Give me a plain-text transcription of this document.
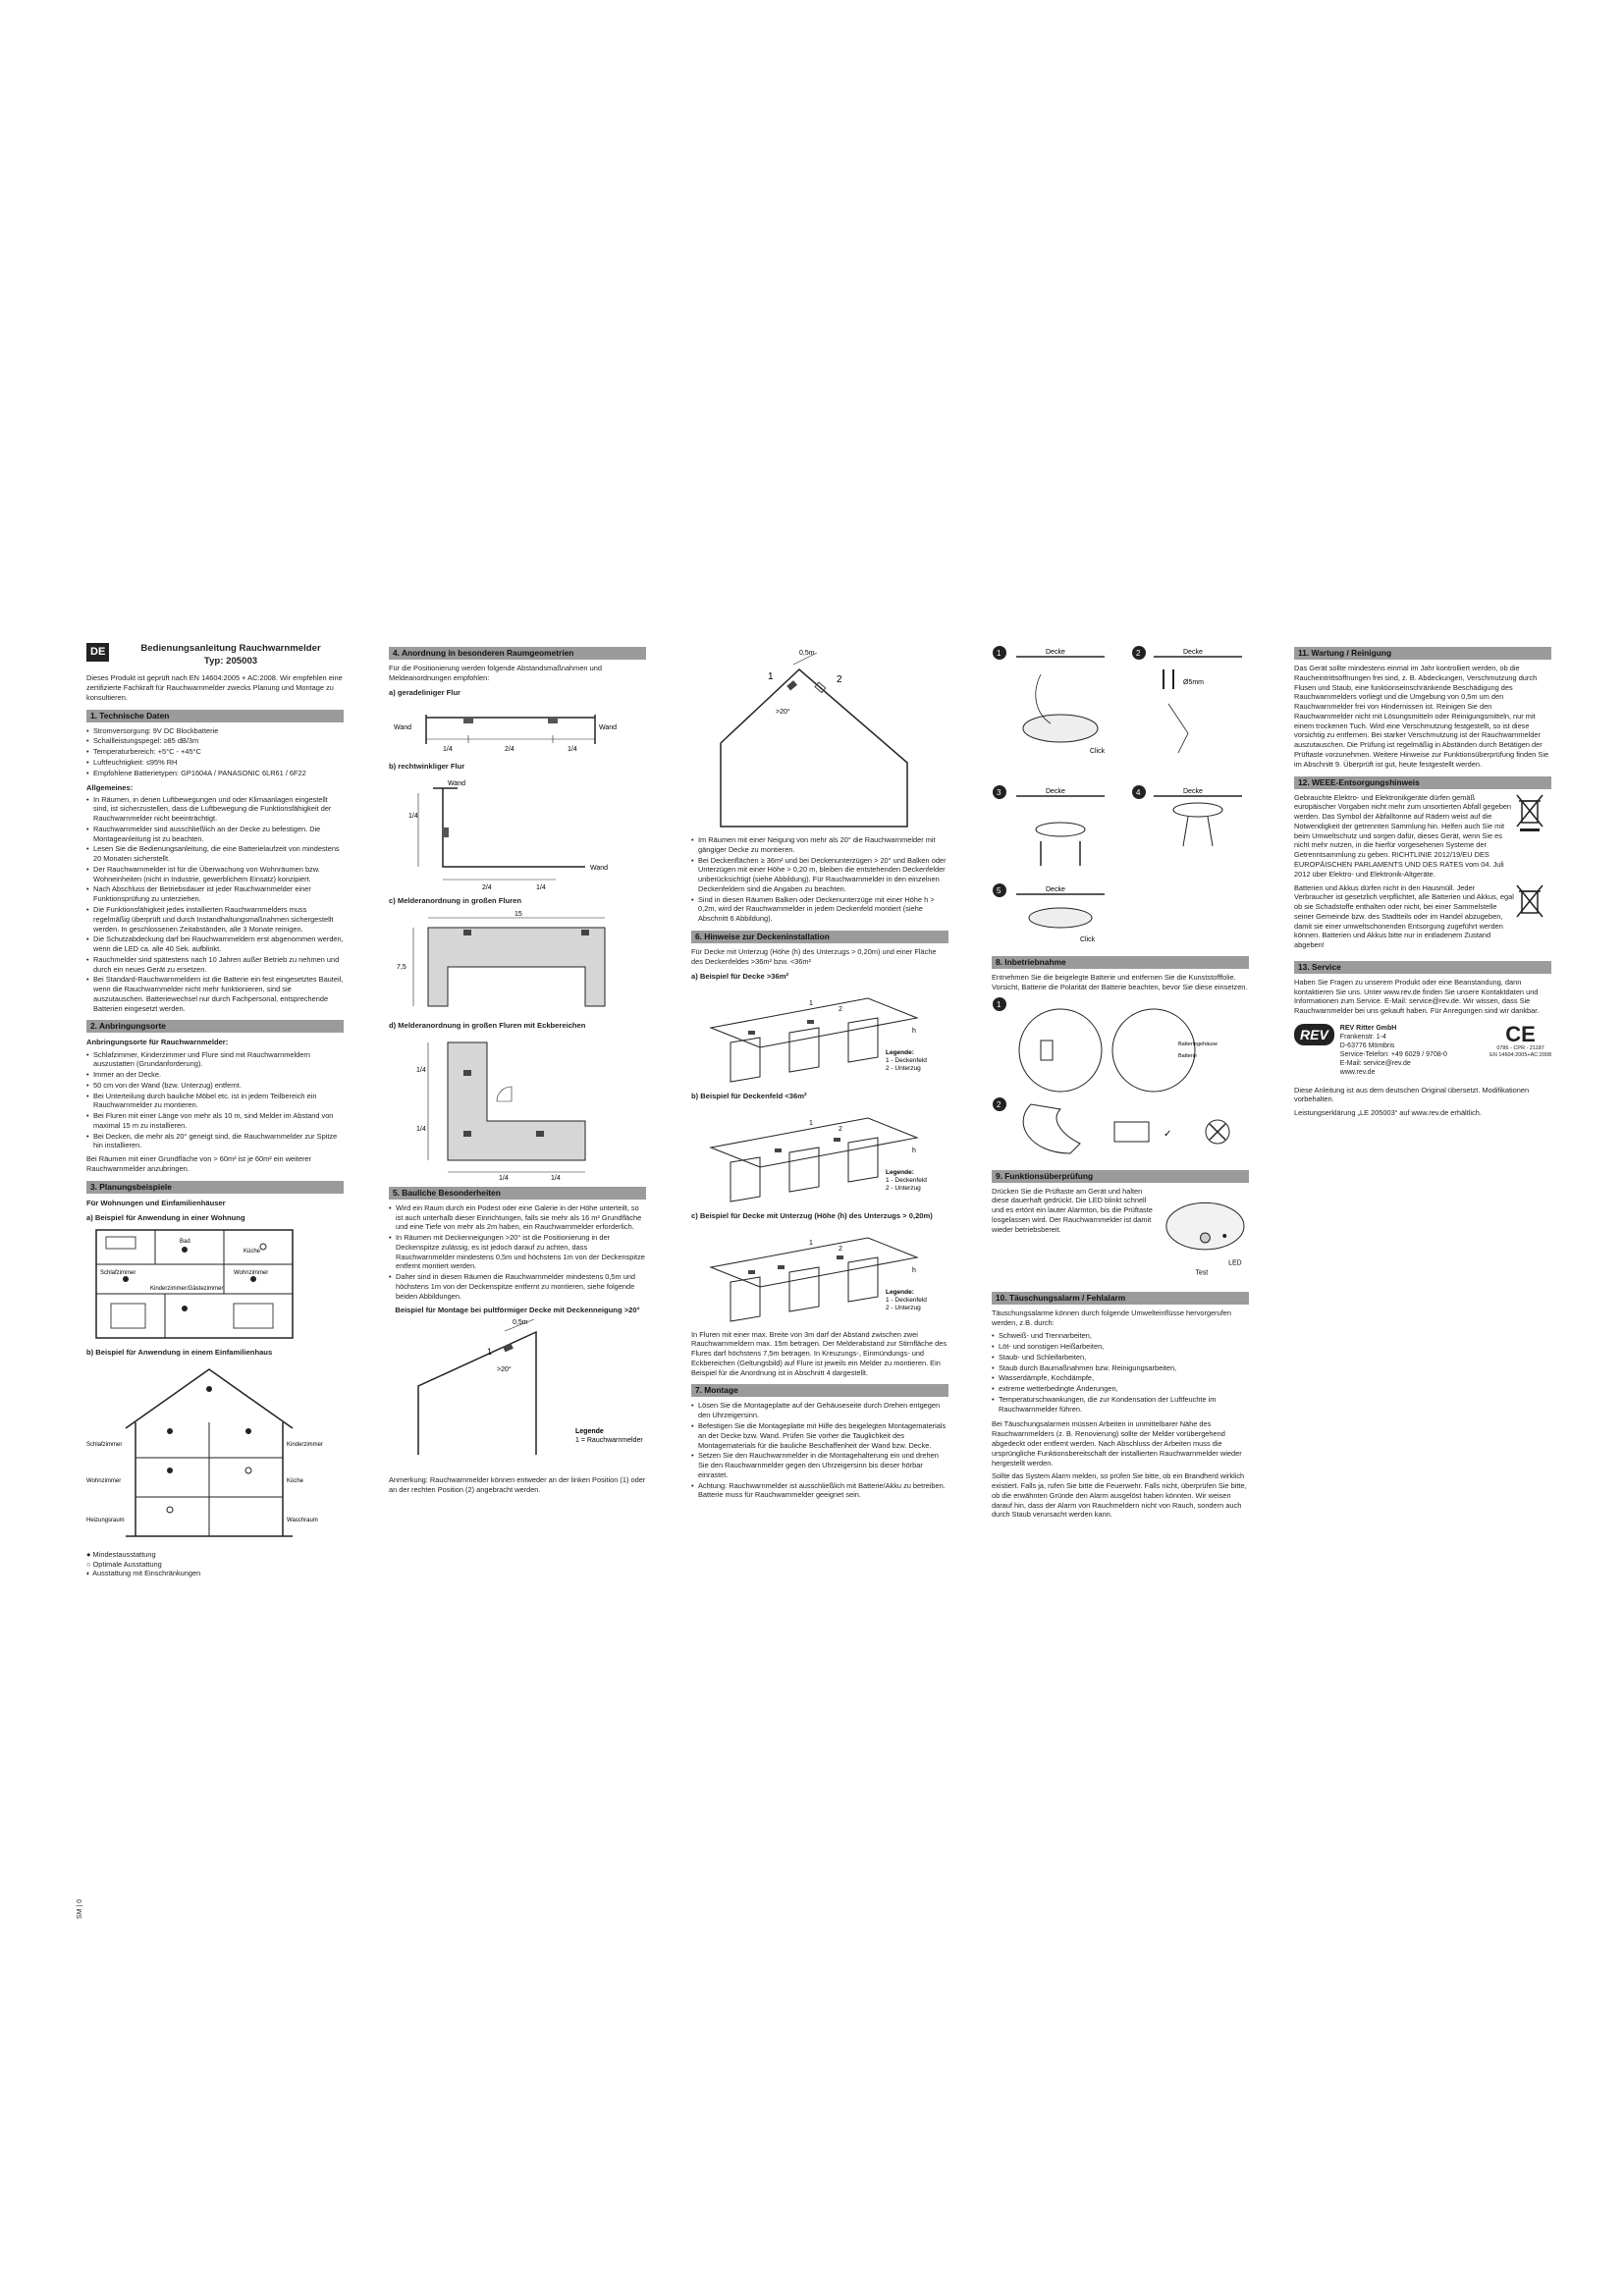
DE	Bedienungsanleitung Rauchwarnmelder
Typ: 205003

Dieses Produkt ist geprüft nach EN 14604:2005 + AC:2008. Wir empfehlen eine zertifizierte Fachkraft für Rauchwarnmelder zwecks Planung und Montage zu konsultieren.

1. Technische Daten
• Stromversorgung: 9V DC Blockbatterie
• Schallleistungspegel: ≥85 dB/3m
• Temperaturbereich: +5°C - +45°C
• Luftfeuchtigkeit: ≤95% RH
• Empfohlene Batterietypen: GP1604A / PANASONIC 6LR61 / 6F22
Allgemeines:
• In Räumen, in denen Luftbewegungen und oder Klimaanlagen eingestellt sind, ist sicherzustellen, dass die Luftbewegung die Funktionsfähigkeit der Rauchwarnmelder nicht beeinträchtigt.
• Rauchwarnmelder sind ausschließlich an der Decke zu befestigen. Die Montageanleitung ist zu beachten.
• Lesen Sie die Bedienungsanleitung, die eine Batterielaufzeit von mindestens 20 Monaten sicherstellt.
• Der Rauchwarnmelder ist für die Überwachung von Wohnräumen bzw. Wohneinheiten (nicht in Industrie, gewerblichem Einsatz) konzipiert.
• Nach Abschluss der Betriebsdauer ist jeder Rauchwarnmelder einer Funktionsprüfung zu unterziehen.
• Die Funktionsfähigkeit jedes installierten Rauchwarnmelders muss regelmäßig überprüft und durch Instandhaltungsmaßnahmen sichergestellt werden. In geschlossenen Zeitabständen, alle 3 Monate reinigen.
• Die Schutzabdeckung darf bei Rauchwarnmeldern erst abgenommen werden, wenn die LED ca. alle 40 Sek. aufblinkt.
• Rauchmelder sind spätestens nach 10 Jahren außer Betrieb zu nehmen und durch ein neues Gerät zu ersetzen.
• Bei Standard-Rauchwarnmeldern ist die Batterie ein fest eingesetztes Bauteil, wenn die Rauchwarnmelder nicht mehr funktionieren, sind sie auszutauschen. Batteriewechsel nur durch Fachpersonal, entsprechende Batterien eingesetzt werden.
2. Anbringungsorte
Anbringungsorte für Rauchwarnmelder:
• Schlafzimmer, Kinderzimmer und Flure sind mit Rauchwarnmeldern auszustatten (Grundanforderung).
• Immer an der Decke.
• 50 cm von der Wand (bzw. Unterzug) entfernt.
• Bei Unterteilung durch bauliche Möbel etc. ist in jedem Teilbereich ein Rauchwarnmelder zu montieren.
• Bei Fluren mit einer Länge von mehr als 10 m, sind Melder im Abstand von maximal 15 m zu installieren.
• Bei Decken, die mehr als 20° geneigt sind, die Rauchwarnmelder zur Spitze hin installieren.

Bei Räumen mit einer Grundfläche von > 60m² ist je 60m² ein weiterer Rauchwarnmelder anzubringen.

3. Planungsbeispiele
Für Wohnungen und Einfamilienhäuser
a) Beispiel für Anwendung in einer Wohnung
Bad
Küche
Schlafzimmer	Wohnzimmer
Kinderzimmer/Gästezimmer
b) Beispiel für Anwendung in einem Einfamilienhaus
Schlafzimmer	Kinderzimmer
Wohnzimmer	Küche
Heizungsraum	Waschraum
● Mindestausstattung
○ Optimale Ausstattung
◐ Ausstattung mit Einschränkungen
4. Anordnung in besonderen Raumgeometrien

Für die Positionierung werden folgende Abstandsmaßnahmen und Meldeanordnungen empfohlen:

a) geradeliniger Flur
Wand
1/4	2/4	1/4
Wand
b) rechtwinkliger Flur
Wand
1/4
2/4	1/4
Wand
c) Melderanordnung in großen Fluren
15
7,5
d) Melderanordnung in großen Fluren mit Eckbereichen
1/4
1/4
1/4	1/4
5. Bauliche Besonderheiten
• Wird ein Raum durch ein Podest oder eine Galerie in der Höhe unterteilt, so ist auch unterhalb dieser Einrichtungen, falls sie mehr als 16 m² Grundfläche und eine Tiefe von mehr als 2m haben, ein Rauchwarnmelder erforderlich.
• In Räumen mit Deckenneigungen >20° ist die Positionierung in der Deckenspitze zulässig, es ist jedoch darauf zu achten, dass Rauchwarnmelder mindestens 0,5m und höchstens 1m von der Deckenspitze entfernt montiert werden.
• Daher sind in diesen Räumen die Rauchwarnmelder mindestens 0,5m und höchstens 1m von der Deckenspitze entfernt zu montieren, siehe folgende beiden Abbildungen.
Beispiel für Montage bei pultförmiger Decke mit Deckenneigung >20°
0,5m
1
>20°
Legende
1 = Rauchwarnmelder

Anmerkung: Rauchwarnmelder können entweder an der linken Position (1) oder an der rechten Position (2) angebracht werden.

0,5m
1	2
>20°
• Im Räumen mit einer Neigung von mehr als 20° die Rauchwarnmelder mit gängiger Decke zu montieren.
• Bei Deckenflächen ≥ 36m² und bei Deckenunterzügen > 20° und Balken oder Unterzügen mit einer Höhe > 0,20 m, bleiben die entstehenden Deckenfelder unberücksichtigt (siehe Abbildung). Für Rauchwarnmelder in den einzelnen Deckenfeldern sind die Angaben zu beachten.
• Sind in diesen Räumen Balken oder Deckenunterzüge mit einer Höhe h > 0,2m, wird der Rauchwarnmelder in jedem Deckenfeld montiert (siehe Abschnitt 6 Abbildung).
6. Hinweise zur Deckeninstallation

Für Decke mit Unterzug (Höhe (h) des Unterzugs > 0,20m) und einer Fläche des Deckenfeldes >36m² bzw. <36m²

a) Beispiel für Decke >36m²
1
2
h
Legende:
1 - Deckenfeld
2 - Unterzug
b) Beispiel für Deckenfeld <36m²
1
2
h
Legende:
1 - Deckenfeld
2 - Unterzug
c) Beispiel für Decke mit Unterzug (Höhe (h) des Unterzugs > 0,20m)
1
2
h
Legende:
1 - Deckenfeld
2 - Unterzug

In Fluren mit einer max. Breite von 3m darf der Abstand zwischen zwei Rauchwarnmeldern max. 15m betragen. Der Melderabstand zur Stirnfläche des Flures darf höchstens 7,5m betragen. In Kreuzungs-, Einmündungs- und Eckbereichen (Geltungsbild) auf Flure ist jeweils ein Melder zu montieren. Ein Beispiel für die Anordnung ist in Abschnitt 4 dargestellt.

7. Montage
• Lösen Sie die Montageplatte auf der Gehäuseseite durch Drehen entgegen den Uhrzeigersinn.
• Befestigen Sie die Montageplatte mit Hilfe des beigelegten Montagematerials an der Decke bzw. Wand. Prüfen Sie vorher die Tauglichkeit des Montagematerials für die bauliche Beschaffenheit der Wand bzw. Decke.
• Setzen Sie den Rauchwarnmelder in die Montagehalterung ein und drehen Sie den Rauchwarnmelder gegen den Uhrzeigersinn bis dieser hörbar einrastet.
• Achtung: Rauchwarnmelder ist ausschließlich mit Batterie/Akku zu betreiben. Batterie muss für Rauchwarnmelder geeignet sein.
1	Decke
Click
2	Decke
Ø5mm
3	Decke	4	Decke
5	Decke
Click
8. Inbetriebnahme

Entnehmen Sie die beigelegte Batterie und entfernen Sie die Kunststofffolie. Vorsicht, Batterie die Polarität der Batterie beachten, bevor Sie diese einsetzen.

1
Batteriegehäuse
Batterie
2
✓
9. Funktionsüberprüfung

Drücken Sie die Prüftaste am Gerät und halten diese dauerhaft gedrückt. Die LED blinkt schnell und es ertönt ein lauter Alarmton, bis die Prüftaste losgelassen wird. Der Rauchwarnmelder ist damit wieder betriebsbereit.

Test
LED
10. Täuschungsalarm / Fehlalarm

Täuschungsalarme können durch folgende Umwelteinflüsse hervorgerufen werden, z.B. durch:

• Schweiß- und Trennarbeiten,
• Löt- und sonstigen Heißarbeiten,
• Staub- und Schleifarbeiten,
• Staub durch Baumaßnahmen bzw. Reinigungsarbeiten,
• Wasserdämpfe, Kochdämpfe,
• extreme wetterbedingte Änderungen,
• Temperaturschwankungen, die zur Kondensation der Luftfeuchte im Rauchwarnmelder führen.

Bei Täuschungsalarmen müssen Arbeiten in unmittelbarer Nähe des Rauchwarnmelders (z. B. Renovierung) sollte der Melder vorübergehend abgedeckt oder entfernt werden. Nach Abschluss der Arbeiten muss die ursprüngliche Funktionsbereitschaft der installierten Rauchwarnmelder wieder hergestellt werden.

Sollte das System Alarm melden, so prüfen Sie bitte, ob ein Brandherd wirklich existiert. Falls ja, rufen Sie bitte die Feuerwehr. Falls nicht, überprüfen Sie bitte, ob die erwähnten Gründe den Alarm ausgelöst haben könnten. Wir weisen darauf hin, dass der Alarm von Rauchmeldern nicht von Rauch, sondern auch durch Staub verursacht werden kann.

11. Wartung / Reinigung

Das Gerät sollte mindestens einmal im Jahr kontrolliert werden, ob die Raucheintrittsöffnungen frei sind, z. B. Abdeckungen, Verschmutzung durch Flusen und Staub, eine funktionseinschränkende Beschädigung des Rauchwarnmelders vorliegt und die Umgebung von 0,5m um den Rauchwarnmelder frei von Hindernissen ist. Reinigen Sie den Rauchwarnmelder nicht mit Lösungsmitteln oder Reinigungsmitteln, nur mit einem trockenen Tuch. Wird eine Verschmutzung festgestellt, so ist diese vorsichtig zu entfernen. Bei starker Verschmutzung ist der Rauchwarnmelder auszutauschen. Die Prüfung ist regelmäßig in Abständen durch Betätigen der Prüftaste vorzunehmen. Weitere Hinweise zur Funktionsüberprüfung finden Sie im Abschnitt 9. Überprüft ist gut, heute festgestellt werden.

12. WEEE-Entsorgungshinweis

Gebrauchte Elektro- und Elektronikgeräte dürfen gemäß europäischer Vorgaben nicht mehr zum unsortierten Abfall gegeben werden. Das Symbol der Abfalltonne auf Rädern weist auf die Notwendigkeit der getrennten Sammlung hin. Helfen auch Sie mit beim Umweltschutz und sorgen dafür, dieses Gerät, wenn Sie es nicht mehr nutzen, in die hierfür vorgesehenen Systeme der Getrenntsammlung zu geben. RICHTLINIE 2012/19/EU DES EUROPÄISCHEN PARLAMENTS UND DES RATES vom 04. Juli 2012 über Elektro- und Elektronik-Altgeräte.

Batterien und Akkus dürfen nicht in den Hausmüll. Jeder Verbraucher ist gesetzlich verpflichtet, alle Batterien und Akkus, egal ob sie Schadstoffe enthalten oder nicht, bei einer Sammelstelle seiner Gemeinde bzw. des Stadtteils oder im Handel abzugeben, damit sie einer umweltschonenden Entsorgung zugeführt werden können. Batterien und Akkus bitte nur in entladenem Zustand abgeben!

13. Service

Haben Sie Fragen zu unserem Produkt oder eine Beanstandung, dann kontaktieren Sie uns. Unter www.rev.de finden Sie unsere Kontaktdaten und Informationen zum Service. E-Mail: service@rev.de. Wir wissen, dass Sie Rauchwarnmelder bei uns gekauft haben. Für Anregungen sind wir dankbar.

REV	REV Ritter GmbH
Frankenstr. 1-4
D-63776 Mömbris
Service-Telefon: +49 6029 / 9708-0
E-Mail: service@rev.de
www.rev.de
CE
0786 - CPR - 21187
EN 14604:2005+AC:2008

Diese Anleitung ist aus dem deutschen Original übersetzt. Modifikationen vorbehalten.

Leistungserklärung „LE 205003“ auf www.rev.de erhältlich.

SM | 0
